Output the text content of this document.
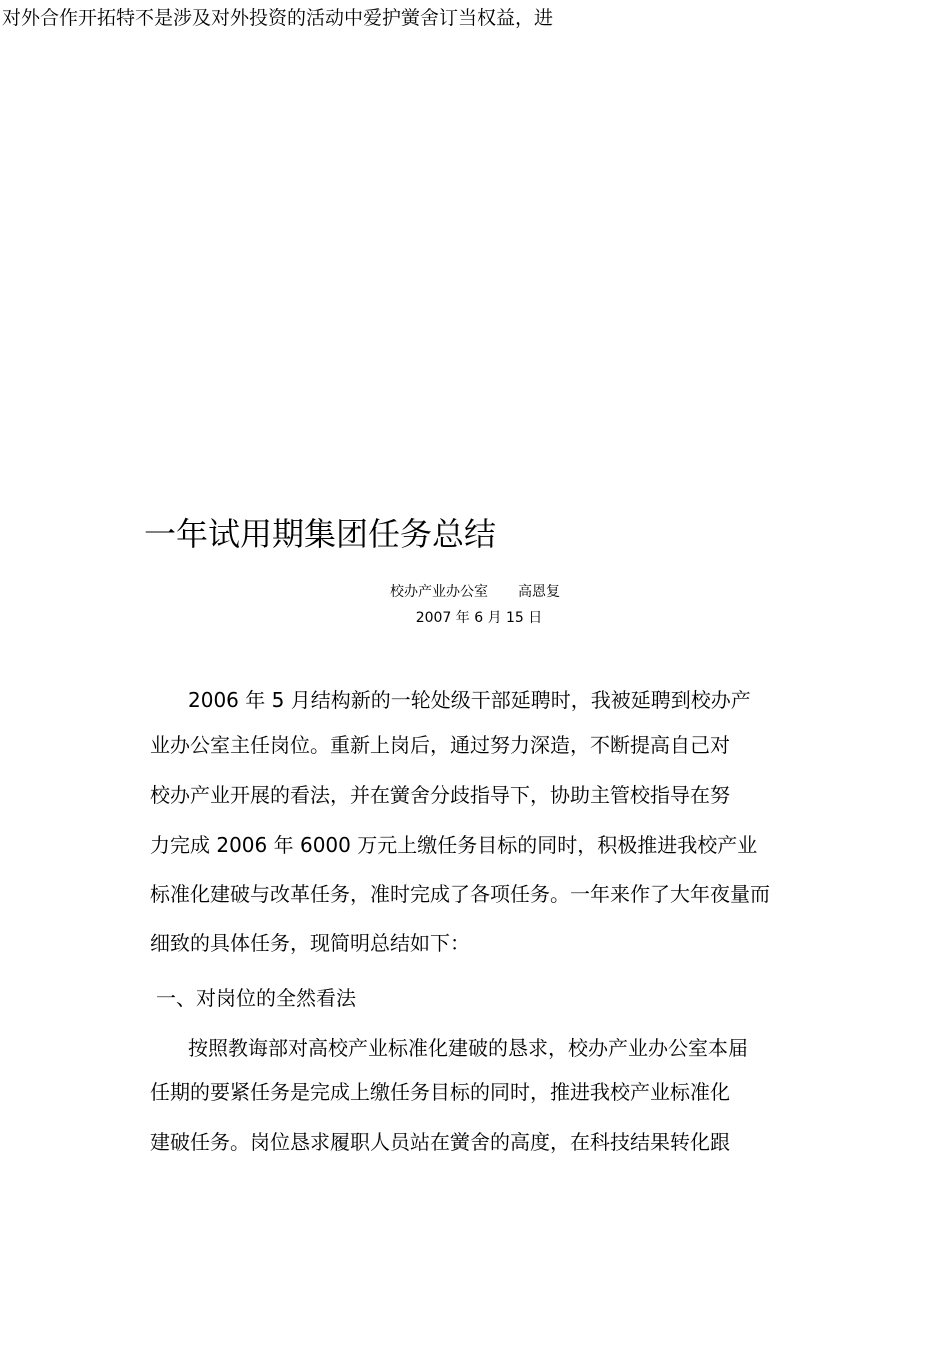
对外合作开拓特不是涉及对外投资的活动中爱护黉舍订当权益，进
一年试用期集团任务总结
校办产业办公室 高恩复
2007 年 6 月 15 日
2006 年 5 月结构新的一轮处级干部延聘时，我被延聘到校办产
业办公室主任岗位。重新上岗后，通过努力深造，不断提高自己对
校办产业开展的看法，并在黉舍分歧指导下，协助主管校指导在努
力完成 2006 年 6000 万元上缴任务目标的同时，积极推进我校产业
标准化建破与改革任务，准时完成了各项任务。一年来作了大年夜量而
细致的具体任务，现简明总结如下：
一、对岗位的全然看法
按照教诲部对高校产业标准化建破的恳求，校办产业办公室本届
任期的要紧任务是完成上缴任务目标的同时，推进我校产业标准化
建破任务。岗位恳求履职人员站在黉舍的高度，在科技结果转化跟
